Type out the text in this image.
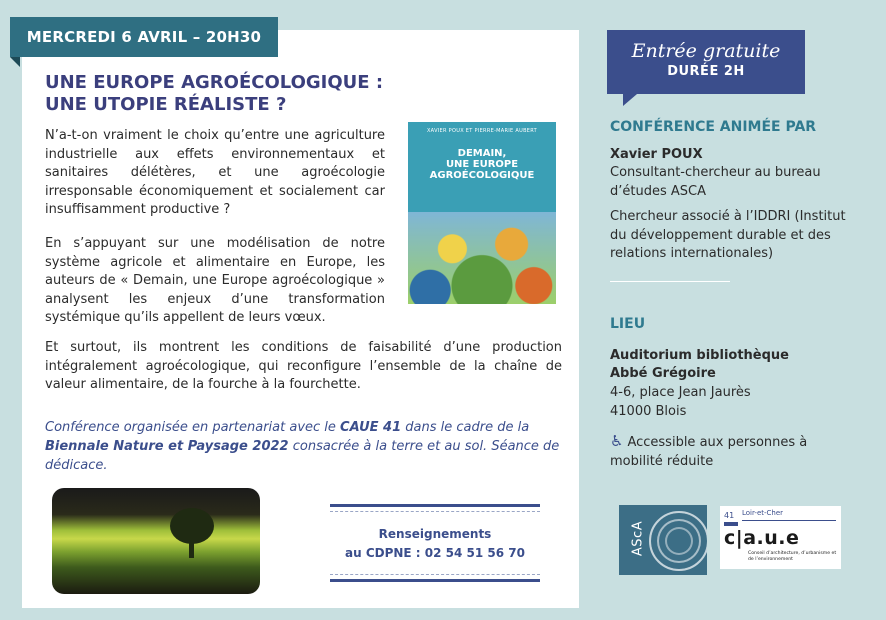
MERCREDI 6 AVRIL – 20H30
UNE EUROPE AGROÉCOLOGIQUE :
UNE UTOPIE RÉALISTE ?

N’a-t-on vraiment le choix qu’entre une agriculture industrielle aux effets environnementaux et sanitaires délétères, et une agroécologie irresponsable économiquement et socialement car insuffisamment productive ?

En s’appuyant sur une modélisation de notre système agricole et alimentaire en Europe, les auteurs de « Demain, une Europe agroécologique » analysent les enjeux d’une transformation systémique qu’ils appellent de leurs vœux.

Et surtout, ils montrent les conditions de faisabilité d’une production intégralement agroécologique, qui reconfigure l’ensemble de la chaîne de valeur alimentaire, de la fourche à la fourchette.

Conférence organisée en partenariat avec le CAUE 41 dans le cadre de la Biennale Nature et Paysage 2022 consacrée à la terre et au sol. Séance de dédicace.

XAVIER POUX ET PIERRE-MARIE AUBERT
DEMAIN,
UNE EUROPE
AGROÉCOLOGIQUE
Renseignements
au CDPNE : 02 54 51 56 70
Entrée gratuite
DURÉE 2H
CONFÉRENCE ANIMÉE PAR

Xavier POUX

Consultant-chercheur au bureau d’études ASCA

Chercheur associé à l’IDDRI (Institut du développement durable et des relations internationales)

LIEU

Auditorium bibliothèque

Abbé Grégoire

4-6, place Jean Jaurès

41000 Blois

♿ Accessible aux personnes à mobilité réduite

AScA
41 Loir-et-Cher
c|a.u.e
Conseil d’architecture, d’urbanisme et de l’environnement
